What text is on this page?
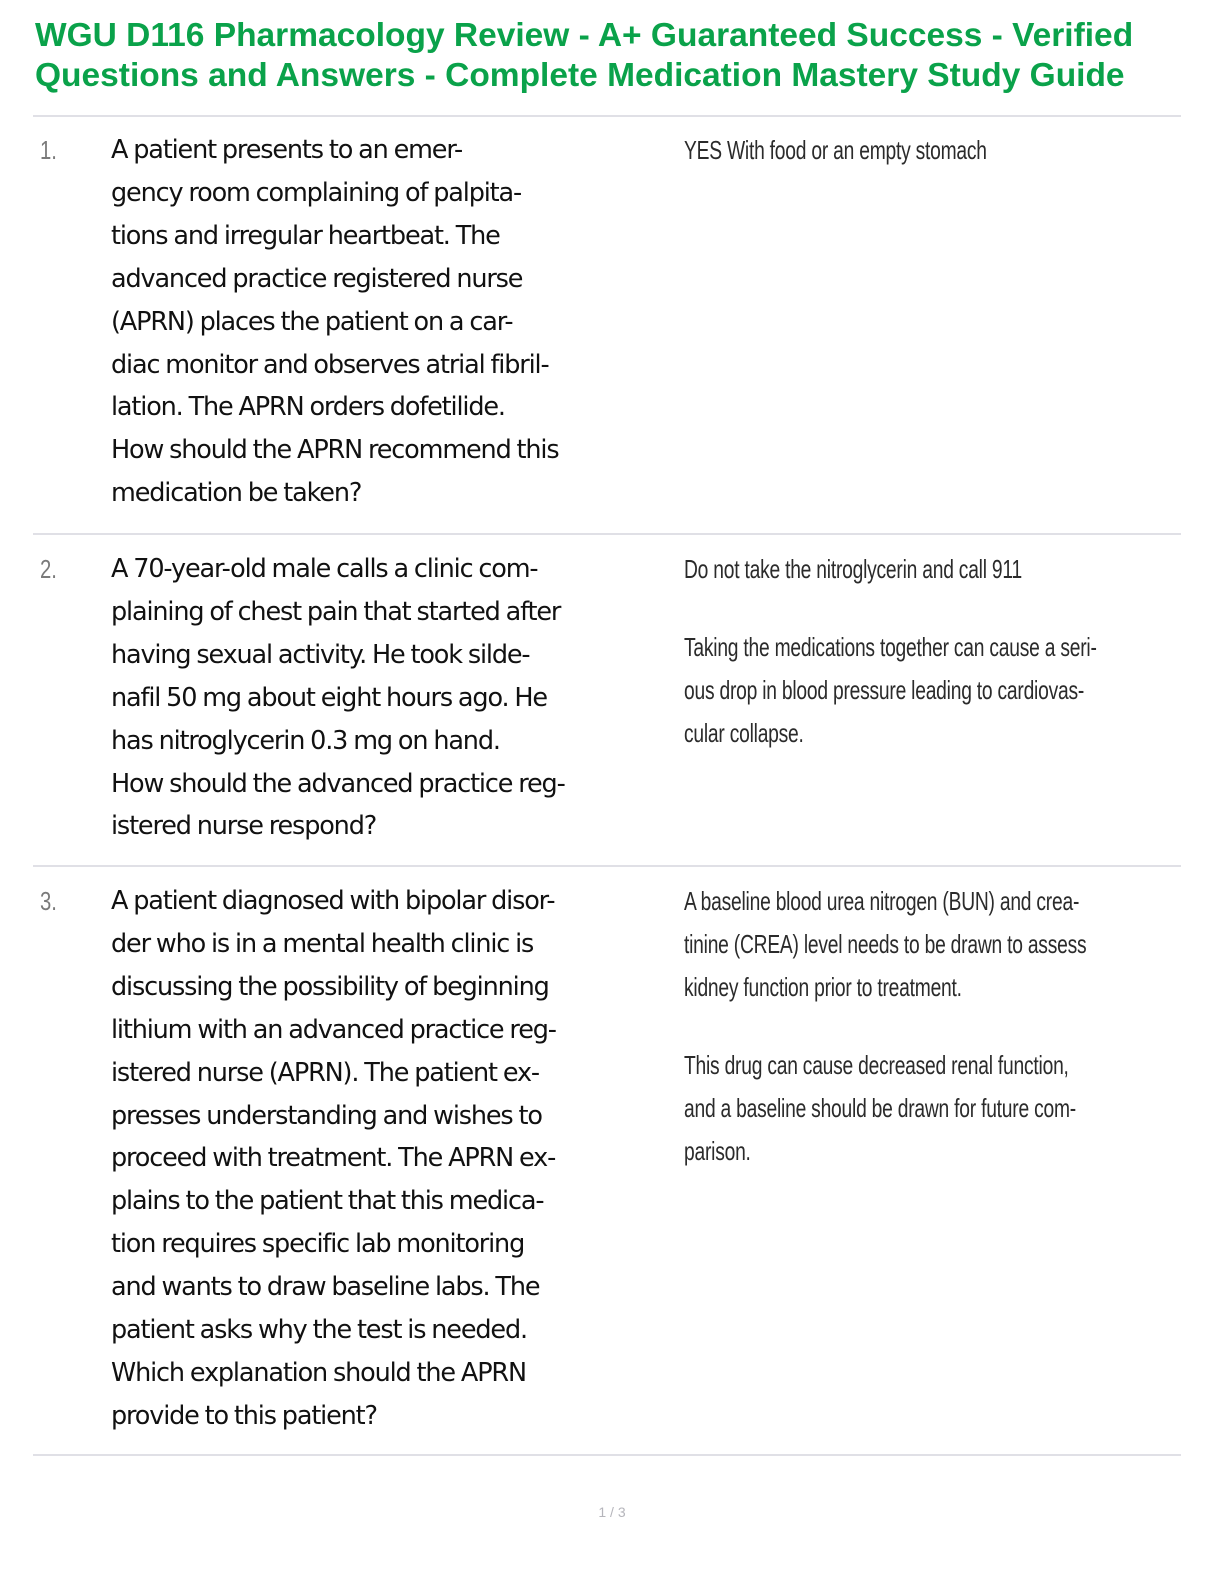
WGU D116 Pharmacology Review - A+ Guaranteed Success - Verified
Questions and Answers - Complete Medication Mastery Study Guide
1. A patient presents to an emer-
gency room complaining of palpita-
tions and irregular heartbeat. The
advanced practice registered nurse
(APRN) places the patient on a car-
diac monitor and observes atrial fibril-
lation. The APRN orders dofetilide.
How should the APRN recommend this
medication be taken?
YES With food or an empty stomach
2. A 70-year-old male calls a clinic com-
plaining of chest pain that started after
having sexual activity. He took silde-
nafil 50 mg about eight hours ago. He
has nitroglycerin 0.3 mg on hand.
How should the advanced practice reg-
istered nurse respond?
Do not take the nitroglycerin and call 911
Taking the medications together can cause a seri-
ous drop in blood pressure leading to cardiovas-
cular collapse.
3. A patient diagnosed with bipolar disor-
der who is in a mental health clinic is
discussing the possibility of beginning
lithium with an advanced practice reg-
istered nurse (APRN). The patient ex-
presses understanding and wishes to
proceed with treatment. The APRN ex-
plains to the patient that this medica-
tion requires specific lab monitoring
and wants to draw baseline labs. The
patient asks why the test is needed.
Which explanation should the APRN
provide to this patient?
A baseline blood urea nitrogen (BUN) and crea-
tinine (CREA) level needs to be drawn to assess
kidney function prior to treatment.
This drug can cause decreased renal function,
and a baseline should be drawn for future com-
parison.
1 / 3
